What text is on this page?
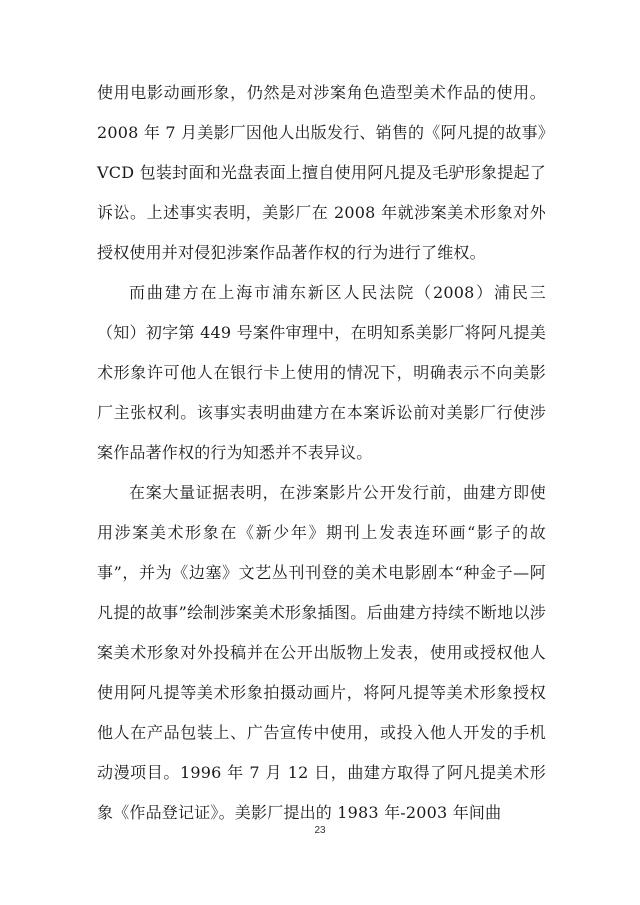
使用电影动画形象，仍然是对涉案角色造型美术作品的使用。2008 年 7 月美影厂因他人出版发行、销售的《阿凡提的故事》VCD 包装封面和光盘表面上擅自使用阿凡提及毛驴形象提起了诉讼。上述事实表明，美影厂在 2008 年就涉案美术形象对外授权使用并对侵犯涉案作品著作权的行为进行了维权。

而曲建方在上海市浦东新区人民法院（2008）浦民三（知）初字第 449 号案件审理中，在明知系美影厂将阿凡提美术形象许可他人在银行卡上使用的情况下，明确表示不向美影厂主张权利。该事实表明曲建方在本案诉讼前对美影厂行使涉案作品著作权的行为知悉并不表异议。

在案大量证据表明，在涉案影片公开发行前，曲建方即使用涉案美术形象在《新少年》期刊上发表连环画“影子的故事”，并为《边塞》文艺丛刊刊登的美术电影剧本“种金子—阿凡提的故事”绘制涉案美术形象插图。后曲建方持续不断地以涉案美术形象对外投稿并在公开出版物上发表，使用或授权他人使用阿凡提等美术形象拍摄动画片，将阿凡提等美术形象授权他人在产品包装上、广告宣传中使用，或投入他人开发的手机动漫项目。1996 年 7 月 12 日，曲建方取得了阿凡提美术形象《作品登记证》。美影厂提出的 1983 年-2003 年间曲

23
